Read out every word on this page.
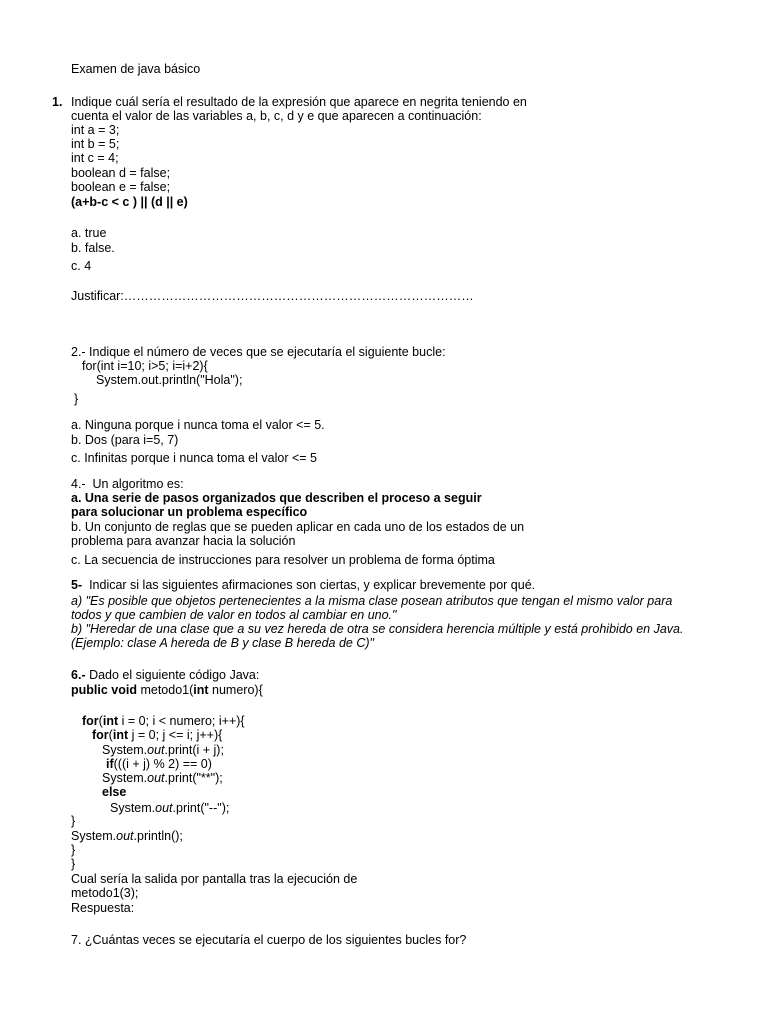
Examen de java básico
1. Indique cuál sería el resultado de la expresión que aparece en negrita teniendo en
cuenta el valor de las variables a, b, c, d y e que aparecen a continuación:
int a = 3;
int b = 5;
int c = 4;
boolean d = false;
boolean e = false;
(a+b-c < c ) || (d || e)
a. true
b. false.
c. 4
Justificar:…………………………………………………………………………
2.- Indique el número de veces que se ejecutaría el siguiente bucle:
for(int i=10; i>5; i=i+2){
System.out.println("Hola");
}
a. Ninguna porque i nunca toma el valor <= 5.
b. Dos (para i=5, 7)
c. Infinitas porque i nunca toma el valor <= 5
4.-  Un algoritmo es:
a. Una serie de pasos organizados que describen el proceso a seguir
para solucionar un problema específico
b. Un conjunto de reglas que se pueden aplicar en cada uno de los estados de un
problema para avanzar hacia la solución
c. La secuencia de instrucciones para resolver un problema de forma óptima
5-  Indicar si las siguientes afirmaciones son ciertas, y explicar brevemente por qué.
a) "Es posible que objetos pertenecientes a la misma clase posean atributos que tengan el mismo valor para
todos y que cambien de valor en todos al cambiar en uno."
b) "Heredar de una clase que a su vez hereda de otra se considera herencia múltiple y está prohibido en Java.
(Ejemplo: clase A hereda de B y clase B hereda de C)"
6.- Dado el siguiente código Java:
public void metodo1(int numero){
for(int i = 0; i < numero; i++){
for(int j = 0; j <= i; j++){
System.out.print(i + j);
if(((i + j) % 2) == 0)
System.out.print("**");
else
System.out.print("--");
}
System.out.println();
}
}
Cual sería la salida por pantalla tras la ejecución de
metodo1(3);
Respuesta:
7. ¿Cuántas veces se ejecutaría el cuerpo de los siguientes bucles for?
